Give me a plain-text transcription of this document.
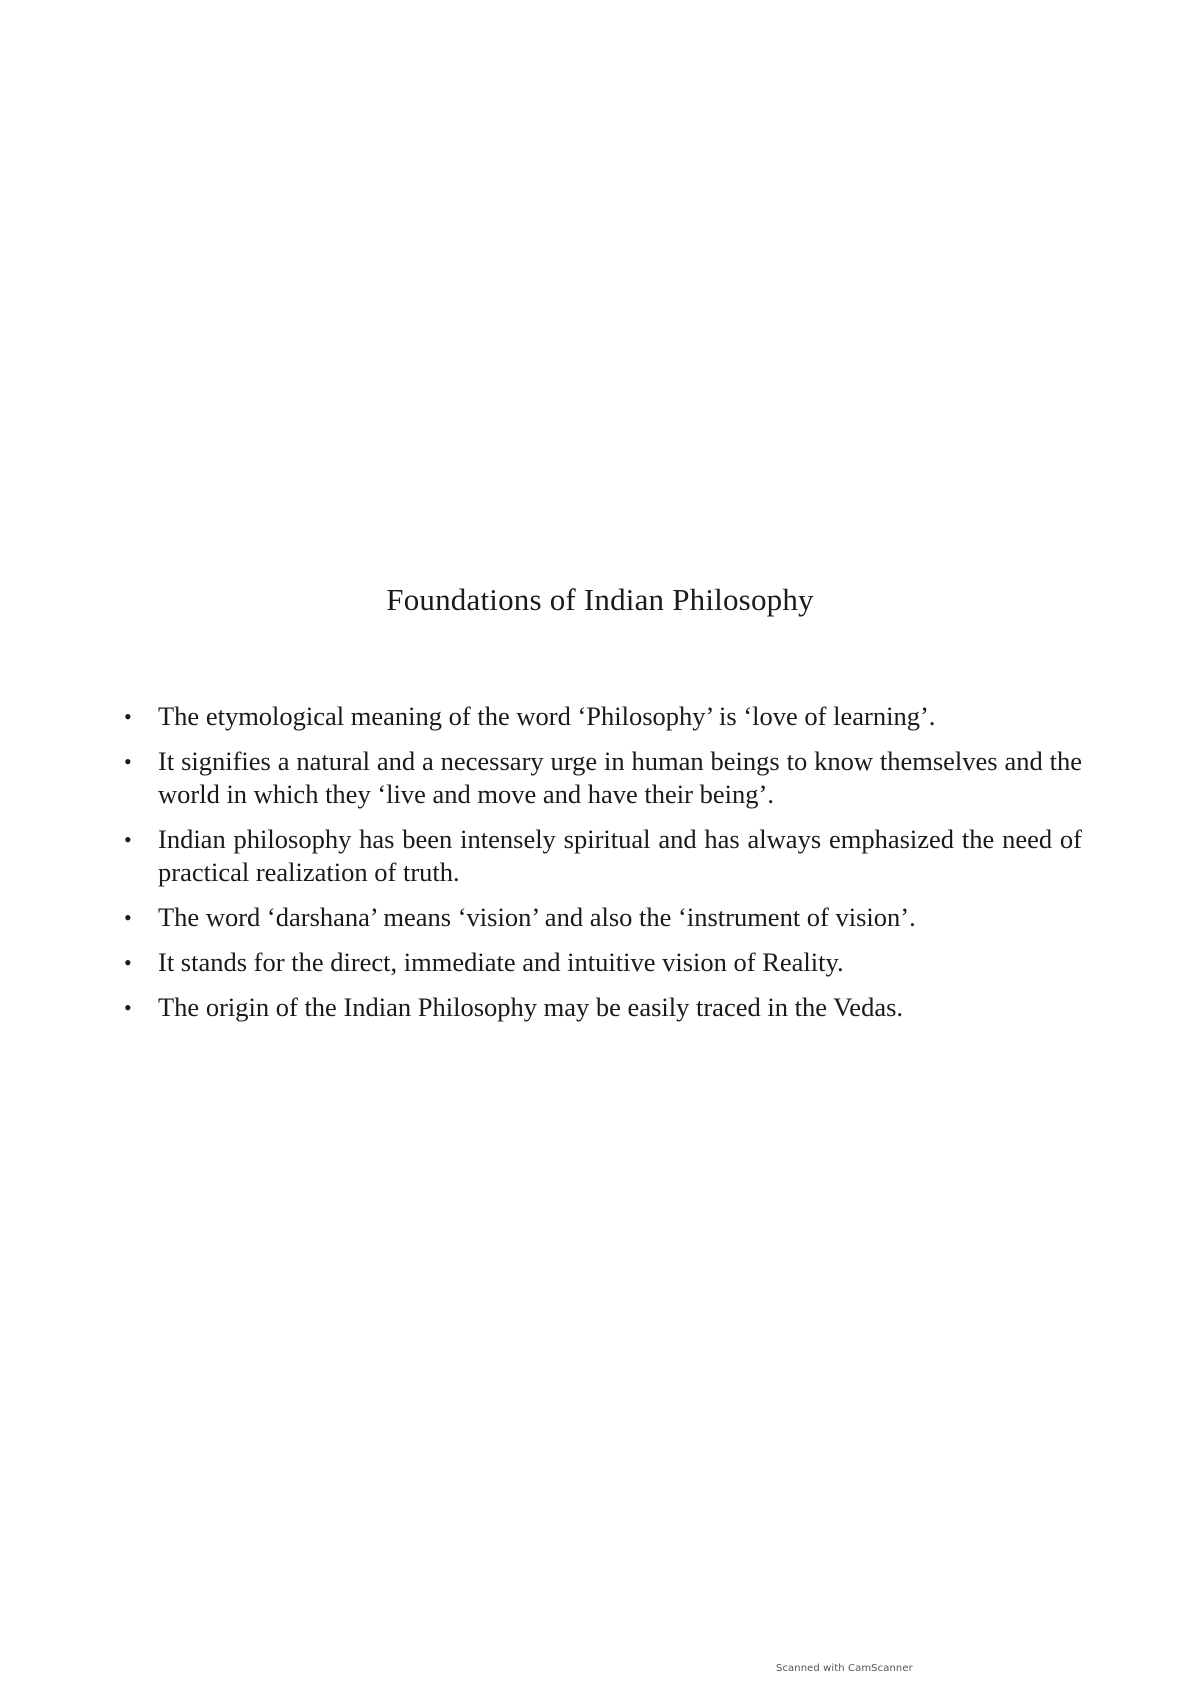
Foundations of Indian Philosophy
• The etymological meaning of the word ‘Philosophy’ is ‘love of learning’.
• It signifies a natural and a necessary urge in human beings to know themselves and the world in which they ‘live and move and have their being’.
• Indian philosophy has been intensely spiritual and has always emphasized the need of practical realization of truth.
• The word ‘darshana’ means ‘vision’ and also the ‘instrument of vision’.
• It stands for the direct, immediate and intuitive vision of Reality.
• The origin of the Indian Philosophy may be easily traced in the Vedas.
Scanned with CamScanner
